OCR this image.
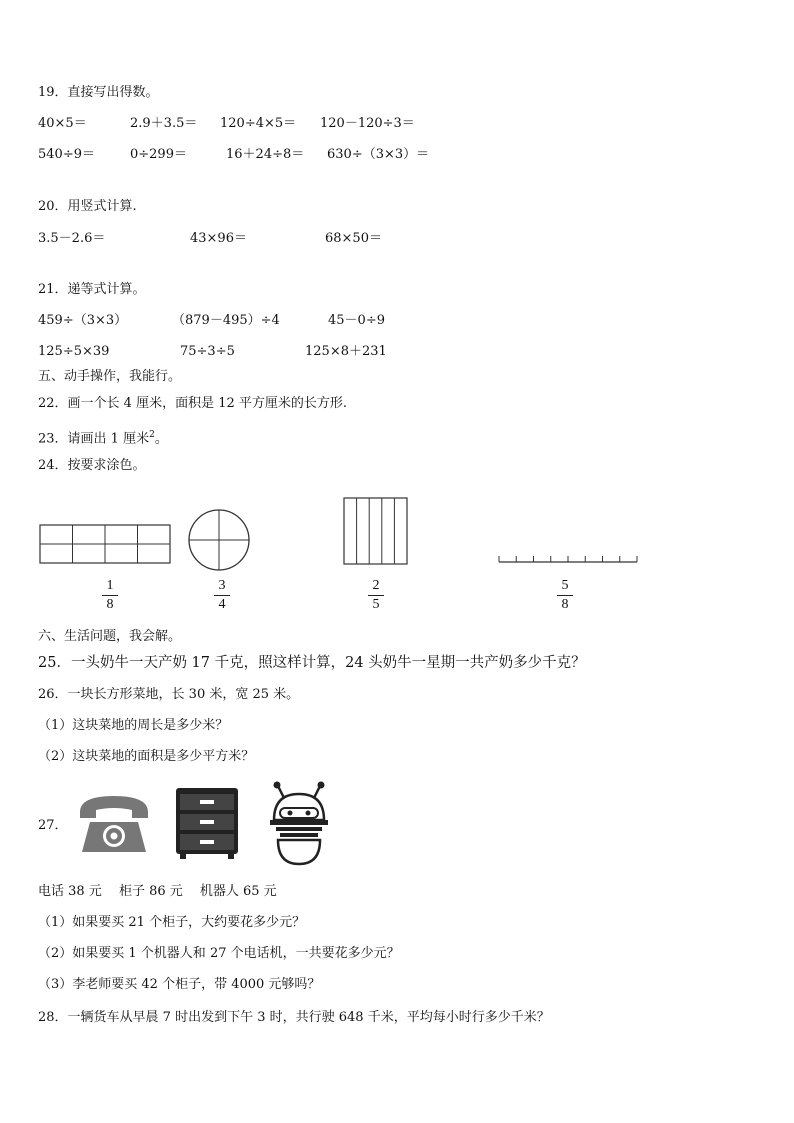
19．直接写出得数。
40×5＝	2.9＋3.5＝ 120÷4×5＝ 120－120÷3＝
540÷9＝	0÷299＝	16＋24÷8＝ 630÷（3×3）＝
20．用竖式计算.
3.5－2.6＝	43×96＝	68×50＝
21．递等式计算。
459÷（3×3）	（879－495）÷4	45－0÷9
125÷5×39	75÷3÷5	125×8＋231
五、动手操作，我能行。
22．画一个长 4 厘米，面积是 12 平方厘米的长方形.
23．请画出 1 厘米$^2$。
24．按要求涂色。
1
8
3
4
2
5
5
8
六、生活问题，我会解。
25．一头奶牛一天产奶 17 千克，照这样计算，24 头奶牛一星期一共产奶多少千克？
26．一块长方形菜地，长 30 米，宽 25 米。
（1）这块菜地的周长是多少米？
（2）这块菜地的面积是多少平方米？
27．
电话 38 元　 柜子 86 元　 机器人 65 元
（1）如果要买 21 个柜子，大约要花多少元？
（2）如果要买 1 个机器人和 27 个电话机，一共要花多少元？
（3）李老师要买 42 个柜子，带 4000 元够吗？
28．一辆货车从早晨 7 时出发到下午 3 时，共行驶 648 千米，平均每小时行多少千米？
